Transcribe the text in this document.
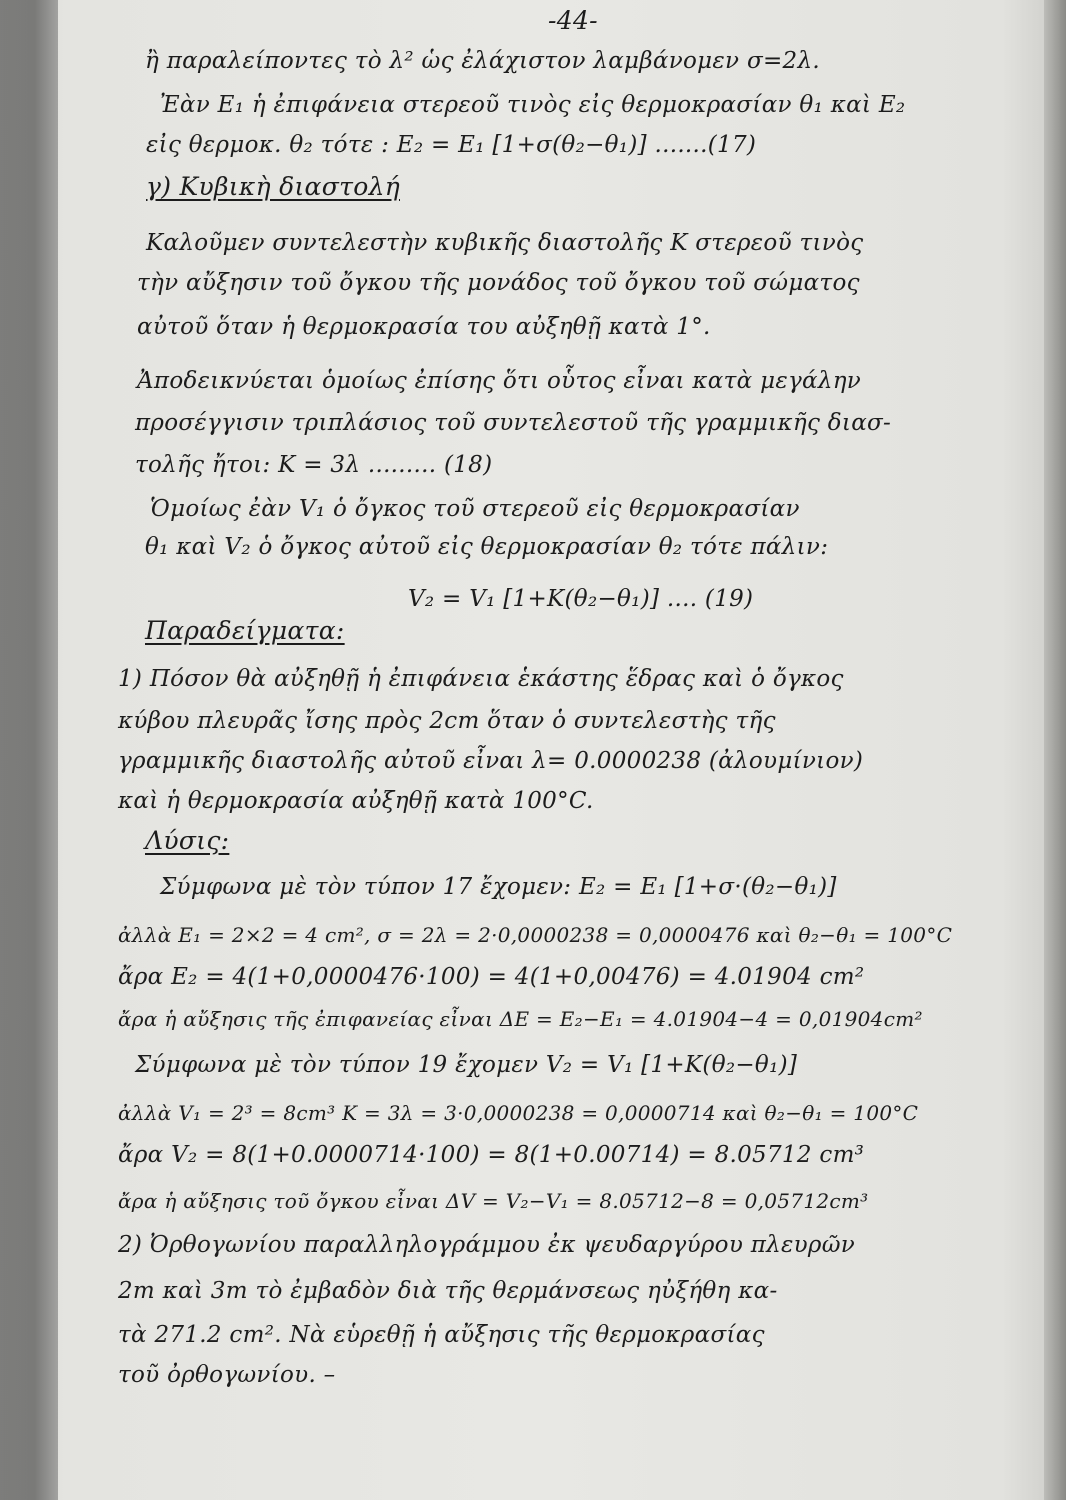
-44-
ἢ παραλείποντες τὸ λ² ὡς ἐλάχιστον λαμβάνομεν σ=2λ.
Ἐὰν E₁ ἡ ἐπιφάνεια στερεοῦ τινὸς εἰς θερμοκρασίαν θ₁ καὶ E₂
εἰς θερμοκ. θ₂ τότε : E₂ = E₁ [1+σ(θ₂−θ₁)] .......(17)
γ) Κυβικὴ διαστολή
Καλοῦμεν συντελεστὴν κυβικῆς διαστολῆς K στερεοῦ τινὸς
τὴν αὔξησιν τοῦ ὄγκου τῆς μονάδος τοῦ ὄγκου τοῦ σώματος
αὐτοῦ ὅταν ἡ θερμοκρασία του αὐξηθῇ κατὰ 1°.
Ἀποδεικνύεται ὁμοίως ἐπίσης ὅτι οὗτος εἶναι κατὰ μεγάλην
προσέγγισιν τριπλάσιος τοῦ συντελεστοῦ τῆς γραμμικῆς διασ-
τολῆς ἤτοι: K = 3λ ......... (18)
Ὁμοίως ἐὰν V₁ ὁ ὄγκος τοῦ στερεοῦ εἰς θερμοκρασίαν
θ₁ καὶ V₂ ὁ ὄγκος αὐτοῦ εἰς θερμοκρασίαν θ₂ τότε πάλιν:
V₂ = V₁ [1+K(θ₂−θ₁)] .... (19)
Παραδείγματα:
1) Πόσον θὰ αὐξηθῇ ἡ ἐπιφάνεια ἑκάστης ἕδρας καὶ ὁ ὄγκος
κύβου πλευρᾶς ἴσης πρὸς 2cm ὅταν ὁ συντελεστὴς τῆς
γραμμικῆς διαστολῆς αὐτοῦ εἶναι λ= 0.0000238 (ἀλουμίνιον)
καὶ ἡ θερμοκρασία αὐξηθῇ κατὰ 100°C.
Λύσις:
Σύμφωνα μὲ τὸν τύπον 17 ἔχομεν: E₂ = E₁ [1+σ·(θ₂−θ₁)]
ἀλλὰ E₁ = 2×2 = 4 cm², σ = 2λ = 2·0,0000238 = 0,0000476 καὶ θ₂−θ₁ = 100°C
ἄρα E₂ = 4(1+0,0000476·100) = 4(1+0,00476) = 4.01904 cm²
ἄρα ἡ αὔξησις τῆς ἐπιφανείας εἶναι ΔE = E₂−E₁ = 4.01904−4 = 0,01904cm²
Σύμφωνα μὲ τὸν τύπον 19 ἔχομεν V₂ = V₁ [1+K(θ₂−θ₁)]
ἀλλὰ V₁ = 2³ = 8cm³ K = 3λ = 3·0,0000238 = 0,0000714 καὶ θ₂−θ₁ = 100°C
ἄρα V₂ = 8(1+0.0000714·100) = 8(1+0.00714) = 8.05712 cm³
ἄρα ἡ αὔξησις τοῦ ὄγκου εἶναι ΔV = V₂−V₁ = 8.05712−8 = 0,05712cm³
2) Ὀρθογωνίου παραλληλογράμμου ἐκ ψευδαργύρου πλευρῶν
2m καὶ 3m τὸ ἐμβαδὸν διὰ τῆς θερμάνσεως ηὐξήθη κα-
τὰ 271.2 cm². Νὰ εὑρεθῇ ἡ αὔξησις τῆς θερμοκρασίας
τοῦ ὀρθογωνίου. –
